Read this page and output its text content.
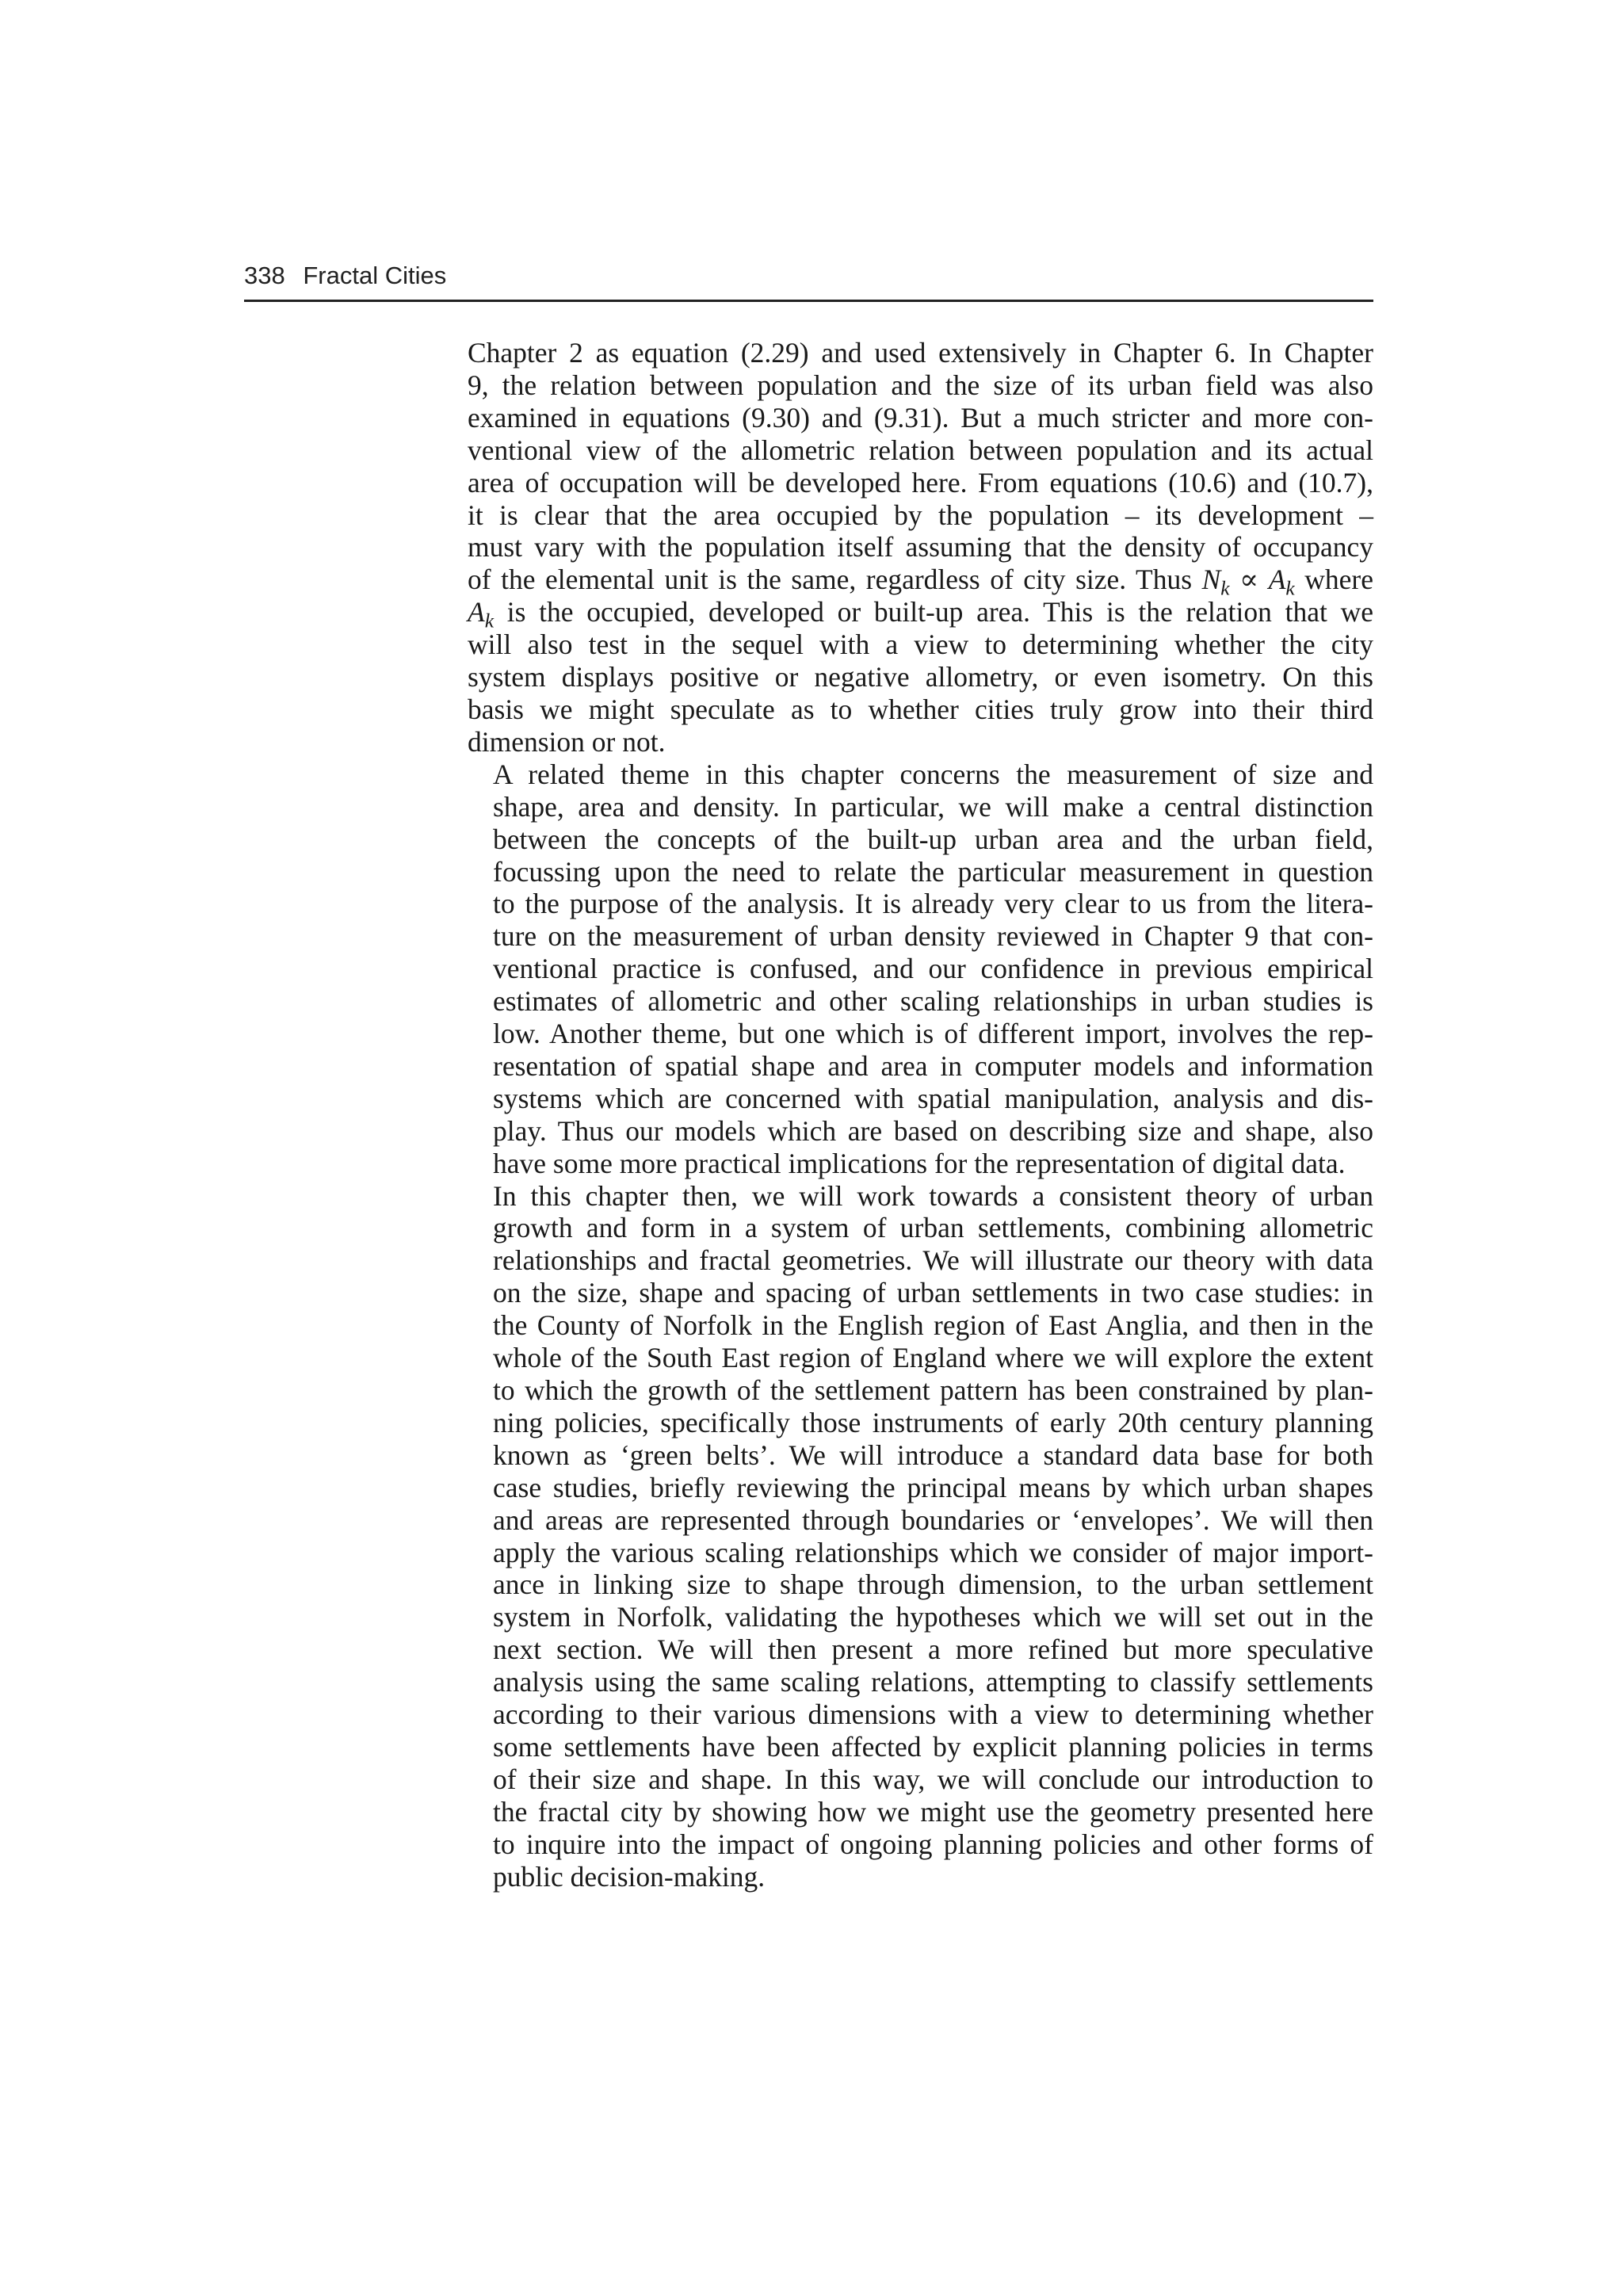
338 Fractal Cities

Chapter 2 as equation (2.29) and used extensively in Chapter 6. In Chapter
9, the relation between population and the size of its urban field was also
examined in equations (9.30) and (9.31). But a much stricter and more con-
ventional view of the allometric relation between population and its actual
area of occupation will be developed here. From equations (10.6) and (10.7),
it is clear that the area occupied by the population – its development –
must vary with the population itself assuming that the density of occupancy
of the elemental unit is the same, regardless of city size. Thus $N_k \propto A_k$ where
$A_k$ is the occupied, developed or built-up area. This is the relation that we
will also test in the sequel with a view to determining whether the city
system displays positive or negative allometry, or even isometry. On this
basis we might speculate as to whether cities truly grow into their third
dimension or not.

A related theme in this chapter concerns the measurement of size and
shape, area and density. In particular, we will make a central distinction
between the concepts of the built-up urban area and the urban field,
focussing upon the need to relate the particular measurement in question
to the purpose of the analysis. It is already very clear to us from the litera-
ture on the measurement of urban density reviewed in Chapter 9 that con-
ventional practice is confused, and our confidence in previous empirical
estimates of allometric and other scaling relationships in urban studies is
low. Another theme, but one which is of different import, involves the rep-
resentation of spatial shape and area in computer models and information
systems which are concerned with spatial manipulation, analysis and dis-
play. Thus our models which are based on describing size and shape, also
have some more practical implications for the representation of digital data.

In this chapter then, we will work towards a consistent theory of urban
growth and form in a system of urban settlements, combining allometric
relationships and fractal geometries. We will illustrate our theory with data
on the size, shape and spacing of urban settlements in two case studies: in
the County of Norfolk in the English region of East Anglia, and then in the
whole of the South East region of England where we will explore the extent
to which the growth of the settlement pattern has been constrained by plan-
ning policies, specifically those instruments of early 20th century planning
known as ‘green belts’. We will introduce a standard data base for both
case studies, briefly reviewing the principal means by which urban shapes
and areas are represented through boundaries or ‘envelopes’. We will then
apply the various scaling relationships which we consider of major import-
ance in linking size to shape through dimension, to the urban settlement
system in Norfolk, validating the hypotheses which we will set out in the
next section. We will then present a more refined but more speculative
analysis using the same scaling relations, attempting to classify settlements
according to their various dimensions with a view to determining whether
some settlements have been affected by explicit planning policies in terms
of their size and shape. In this way, we will conclude our introduction to
the fractal city by showing how we might use the geometry presented here
to inquire into the impact of ongoing planning policies and other forms of
public decision-making.
